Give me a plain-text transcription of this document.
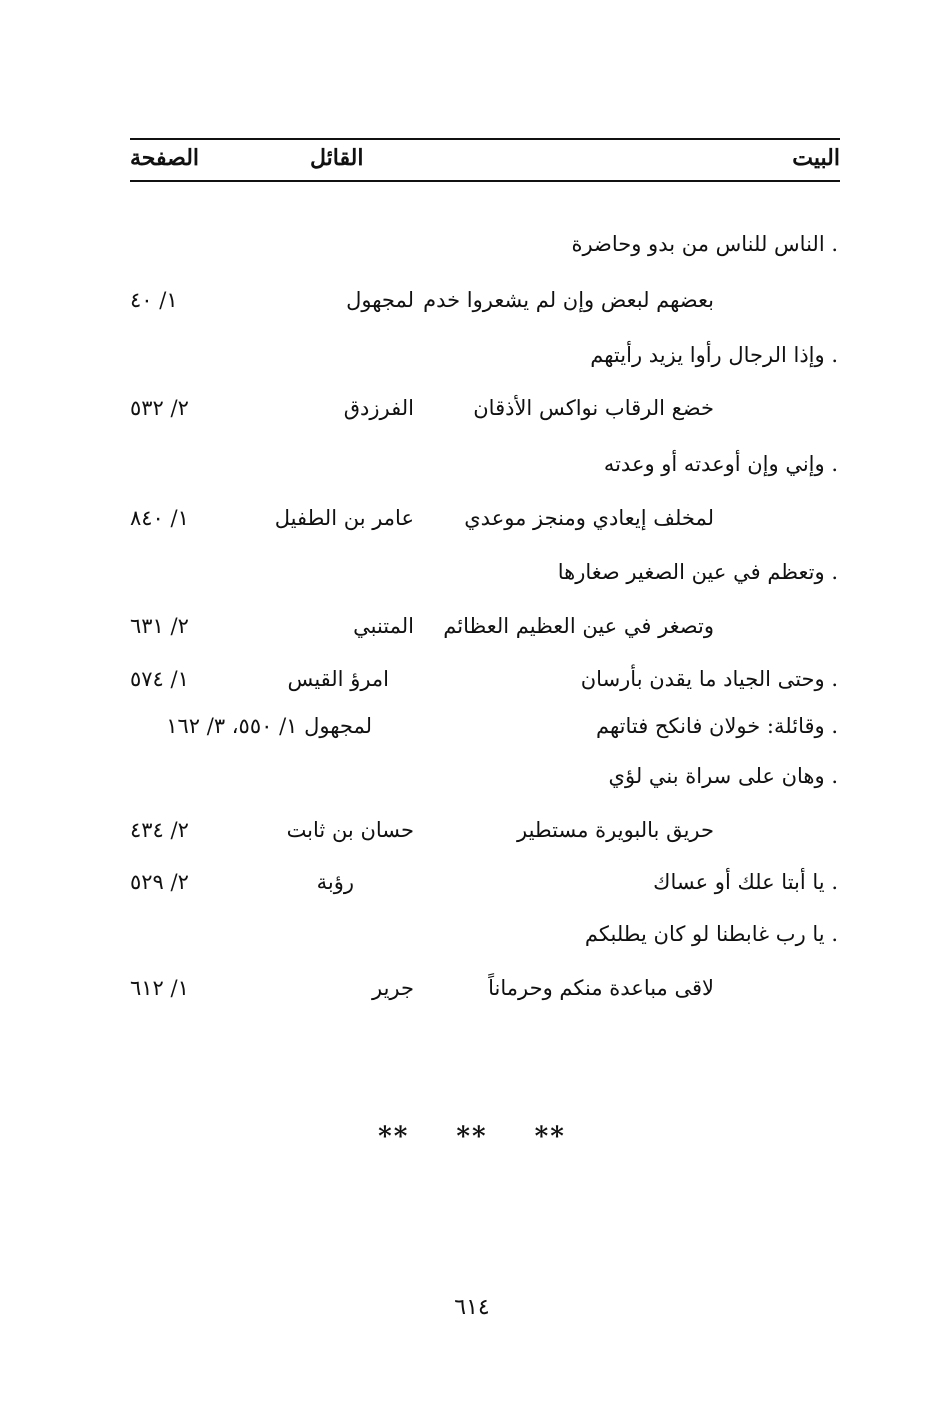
البيت
القائل
الصفحة
. الناس للناس من بدو وحاضرة
بعضهم لبعض وإن لم يشعروا خدم
لمجهول
١/ ٤٠
. وإذا الرجال رأوا يزيد رأيتهم
خضع الرقاب نواكس الأذقان
الفرزدق
٢/ ٥٣٢
. وإني وإن أوعدته أو وعدته
لمخلف إيعادي ومنجز موعدي
عامر بن الطفيل
١/ ٨٤٠
. وتعظم في عين الصغير صغارها
وتصغر في عين العظيم العظائم
المتنبي
٢/ ٦٣١
. وحتى الجياد ما يقدن بأرسان
امرؤ القيس
١/ ٥٧٤
. وقائلة: خولان فانكح فتاتهم
لمجهول ١/ ٥٥٠، ٣/ ١٦٢
. وهان على سراة بني لؤي
حريق بالبويرة مستطير
حسان بن ثابت
٢/ ٤٣٤
. يا أبتا علك أو عساك
رؤبة
٢/ ٥٢٩
. يا رب غابطنا لو كان يطلبكم
لاقى مباعدة منكم وحرماناً
جرير
١/ ٦١٢
** ** **
٦١٤
